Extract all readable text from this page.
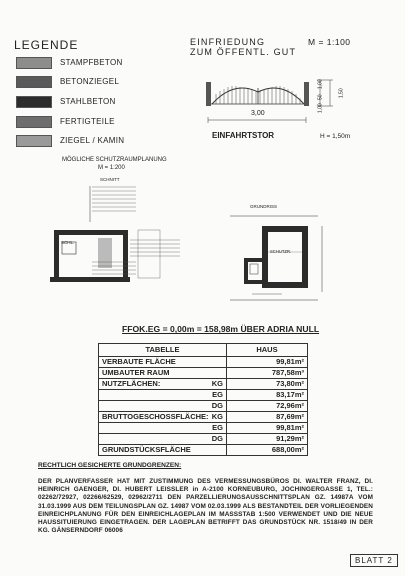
LEGENDE
STAMPFBETON
BETONZIEGEL
STAHLBETON
FERTIGTEILE
ZIEGEL / KAMIN
EINFRIEDUNG
ZUM ÖFFENTL. GUT
M = 1:100
3,00
1,00
50
1,00
1,50
EINFAHRTSTOR	H = 1,50m
MÖGLICHE SCHUTZRAUMPLANUNG
M = 1:200
SCHNITT
SCHL.
GRUNDRISS
SCHUTZR.
FFOK.EG = 0,00m = 158,98m ÜBER ADRIA NULL
TABELLE	HAUS
VERBAUTE FLÄCHE	99,81m²
UMBAUTER RAUM	787,58m³
NUTZFLÄCHEN: KG	73,80m²
EG	83,17m²
DG	72,96m²
BRUTTOGESCHOSSFLÄCHE: KG	87,69m²
EG	99,81m²
DG	91,29m²
GRUNDSTÜCKSFLÄCHE	688,00m²
RECHTLICH GESICHERTE GRUNDGRENZEN:
DER PLANVERFASSER HAT MIT ZUSTIMMUNG DES VERMESSUNGSBÜROS DI. WALTER FRANZ, DI. HEINRICH GAENGER, DI. HUBERT LEISSLER in A-2100 KORNEUBURG, JOCHINGERGASSE 1, TEL.: 02262/72927, 02266/62529, 02962/2711 DEN PARZELLIERUNGSAUSSCHNITTSPLAN GZ. 14987A VOM 31.03.1999 AUS DEM TEILUNGSPLAN GZ. 14987 VOM 02.03.1999 ALS BESTANDTEIL DER VORLIEGENDEN EINREICHPLANUNG FÜR DEN EINREICHLAGEPLAN IM MASSSTAB 1:500 VERWENDET UND DIE NEUE HAUSSITUIERUNG EINGETRAGEN. DER LAGEPLAN BETRIFFT DAS GRUNDSTÜCK NR. 1518/49 IN DER KG. GÄNSERNDORF 06006
BLATT 2
